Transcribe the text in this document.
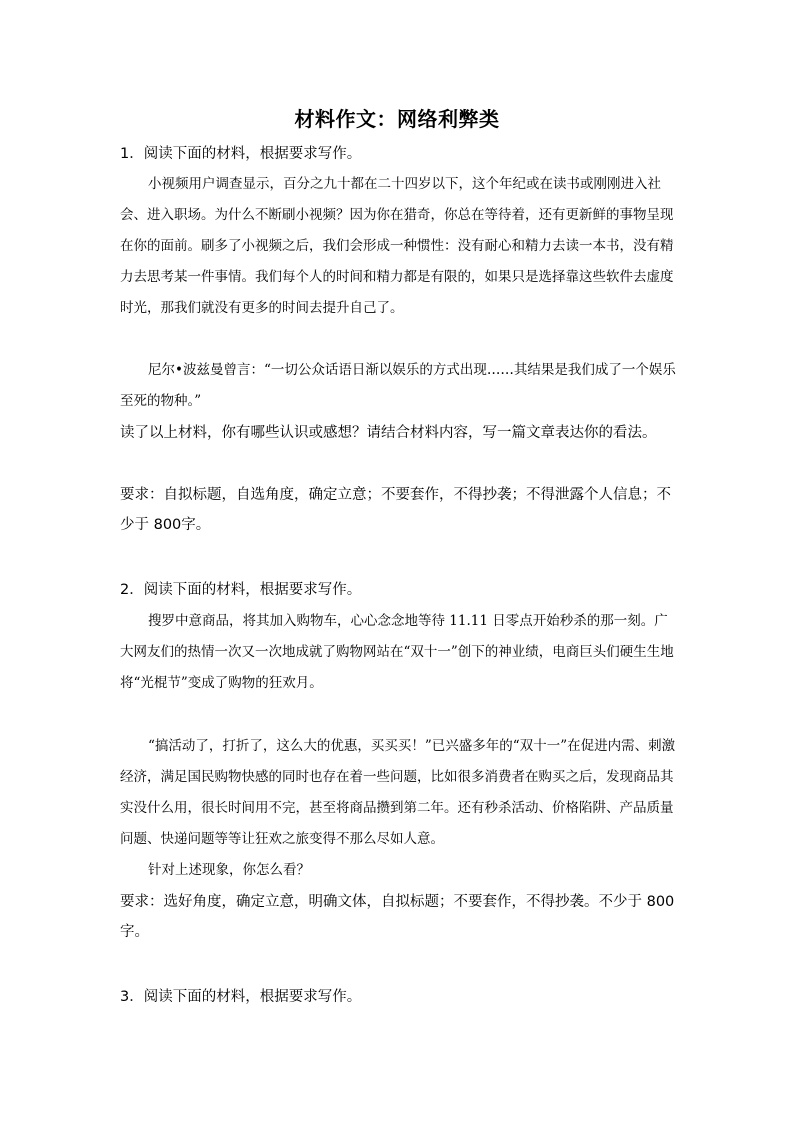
材料作文：网络利弊类
1．阅读下面的材料，根据要求写作。

小视频用户调查显示，百分之九十都在二十四岁以下，这个年纪或在读书或刚刚进入社会、进入职场。为什么不断刷小视频？因为你在猎奇，你总在等待着，还有更新鲜的事物呈现在你的面前。刷多了小视频之后，我们会形成一种惯性：没有耐心和精力去读一本书，没有精力去思考某一件事情。我们每个人的时间和精力都是有限的，如果只是选择靠这些软件去虚度时光，那我们就没有更多的时间去提升自己了。

尼尔•波兹曼曾言：“一切公众话语日渐以娱乐的方式出现……其结果是我们成了一个娱乐至死的物种。”

读了以上材料，你有哪些认识或感想？请结合材料内容，写一篇文章表达你的看法。

要求：自拟标题，自选角度，确定立意；不要套作，不得抄袭；不得泄露个人信息；不少于 800字。

2．阅读下面的材料，根据要求写作。

搜罗中意商品，将其加入购物车，心心念念地等待 11.11 日零点开始秒杀的那一刻。广大网友们的热情一次又一次地成就了购物网站在“双十一”创下的神业绩，电商巨头们硬生生地将“光棍节”变成了购物的狂欢月。

“搞活动了，打折了，这么大的优惠，买买买！”已兴盛多年的“双十一”在促进内需、刺激经济，满足国民购物快感的同时也存在着一些问题，比如很多消费者在购买之后，发现商品其实没什么用，很长时间用不完，甚至将商品攒到第二年。还有秒杀活动、价格陷阱、产品质量问题、快递问题等等让狂欢之旅变得不那么尽如人意。

针对上述现象，你怎么看？

要求：选好角度，确定立意，明确文体，自拟标题；不要套作，不得抄袭。不少于 800 字。

3．阅读下面的材料，根据要求写作。
